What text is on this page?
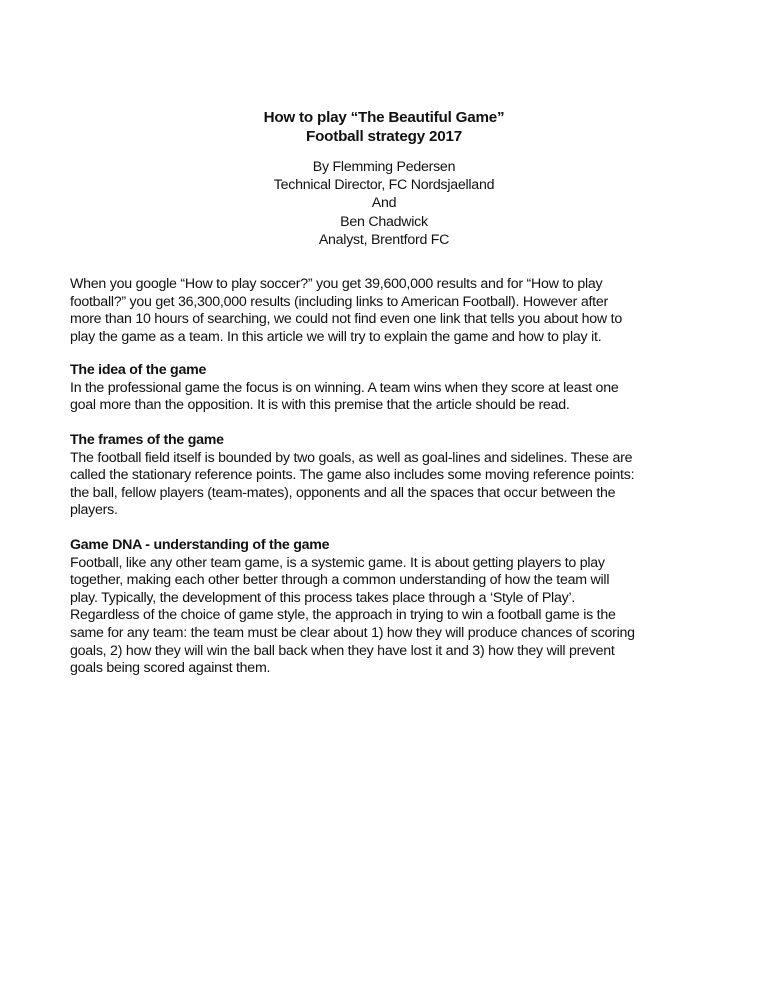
How to play “The Beautiful Game”
Football strategy 2017
By Flemming Pedersen
Technical Director, FC Nordsjaelland
And
Ben Chadwick
Analyst, Brentford FC
When you google “How to play soccer?” you get 39,600,000 results and for “How to play
football?” you get 36,300,000 results (including links to American Football). However after
more than 10 hours of searching, we could not find even one link that tells you about how to
play the game as a team. In this article we will try to explain the game and how to play it.
The idea of the game
In the professional game the focus is on winning. A team wins when they score at least one
goal more than the opposition. It is with this premise that the article should be read.
The frames of the game
The football field itself is bounded by two goals, as well as goal-lines and sidelines. These are
called the stationary reference points. The game also includes some moving reference points:
the ball, fellow players (team-mates), opponents and all the spaces that occur between the
players.
Game DNA - understanding of the game
Football, like any other team game, is a systemic game. It is about getting players to play
together, making each other better through a common understanding of how the team will
play. Typically, the development of this process takes place through a ‘Style of Play’.
Regardless of the choice of game style, the approach in trying to win a football game is the
same for any team: the team must be clear about 1) how they will produce chances of scoring
goals, 2) how they will win the ball back when they have lost it and 3) how they will prevent
goals being scored against them.
